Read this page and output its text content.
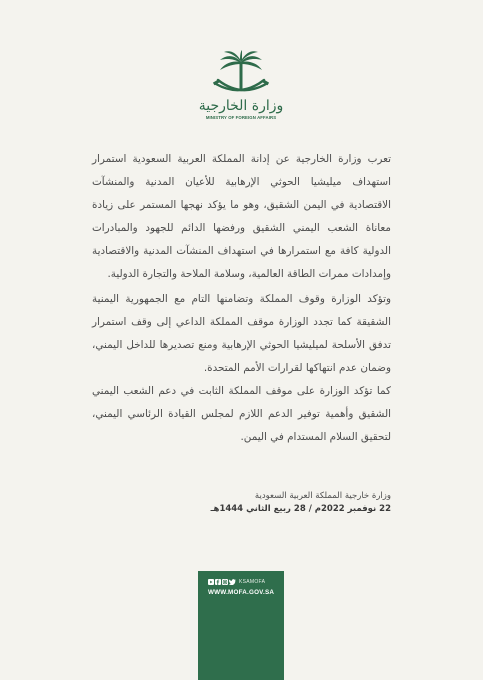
وزارة الخارجية
MINISTRY OF FOREIGN AFFAIRS

تعرب وزارة الخارجية عن إدانة المملكة العربية السعودية استمرار استهداف ميليشيا الحوثي الإرهابية للأعيان المدنية والمنشآت الاقتصادية في اليمن الشقيق، وهو ما يؤكد نهجها المستمر على زيادة معاناة الشعب اليمني الشقيق ورفضها الدائم للجهود والمبادرات الدولية كافة مع استمرارها في استهداف المنشآت المدنية والاقتصادية وإمدادات ممرات الطاقة العالمية، وسلامة الملاحة والتجارة الدولية.

وتؤكد الوزارة وقوف المملكة وتضامنها التام مع الجمهورية اليمنية الشقيقة كما تجدد الوزارة موقف المملكة الداعي إلى وقف استمرار تدفق الأسلحة لميليشيا الحوثي الإرهابية ومنع تصديرها للداخل اليمني، وضمان عدم انتهاكها لقرارات الأمم المتحدة.

كما تؤكد الوزارة على موقف المملكة الثابت في دعم الشعب اليمني الشقيق وأهمية توفير الدعم اللازم لمجلس القيادة الرئاسي اليمني، لتحقيق السلام المستدام في اليمن.

وزارة خارجية المملكة العربية السعودية
22 نوفمبر 2022م / 28 ربيع الثاني 1444هـ
KSAMOFA
WWW.MOFA.GOV.SA
